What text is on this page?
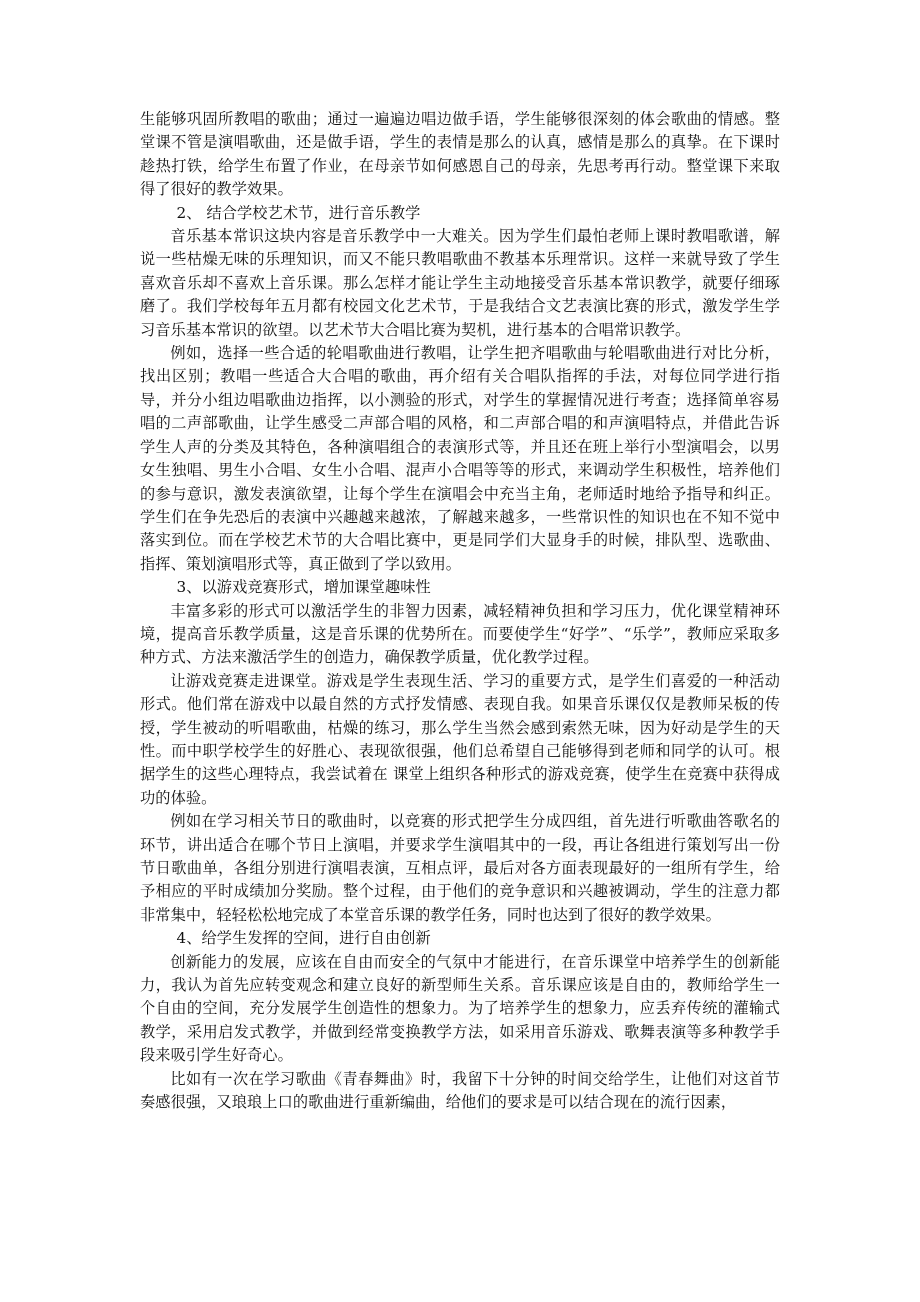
生能够巩固所教唱的歌曲；通过一遍遍边唱边做手语，学生能够很深刻的体会歌曲的情感。整堂课不管是演唱歌曲，还是做手语，学生的表情是那么的认真，感情是那么的真挚。在下课时趁热打铁，给学生布置了作业，在母亲节如何感恩自己的母亲，先思考再行动。整堂课下来取得了很好的教学效果。

2、 结合学校艺术节，进行音乐教学

音乐基本常识这块内容是音乐教学中一大难关。因为学生们最怕老师上课时教唱歌谱，解说一些枯燥无味的乐理知识，而又不能只教唱歌曲不教基本乐理常识。这样一来就导致了学生喜欢音乐却不喜欢上音乐课。那么怎样才能让学生主动地接受音乐基本常识教学，就要仔细琢磨了。我们学校每年五月都有校园文化艺术节，于是我结合文艺表演比赛的形式，激发学生学习音乐基本常识的欲望。以艺术节大合唱比赛为契机，进行基本的合唱常识教学。

例如，选择一些合适的轮唱歌曲进行教唱，让学生把齐唱歌曲与轮唱歌曲进行对比分析，找出区别；教唱一些适合大合唱的歌曲，再介绍有关合唱队指挥的手法，对每位同学进行指导，并分小组边唱歌曲边指挥，以小测验的形式，对学生的掌握情况进行考查；选择简单容易唱的二声部歌曲，让学生感受二声部合唱的风格，和二声部合唱的和声演唱特点，并借此告诉学生人声的分类及其特色，各种演唱组合的表演形式等，并且还在班上举行小型演唱会，以男女生独唱、男生小合唱、女生小合唱、混声小合唱等等的形式，来调动学生积极性，培养他们的参与意识，激发表演欲望，让每个学生在演唱会中充当主角，老师适时地给予指导和纠正。学生们在争先恐后的表演中兴趣越来越浓，了解越来越多，一些常识性的知识也在不知不觉中落实到位。而在学校艺术节的大合唱比赛中，更是同学们大显身手的时候，排队型、选歌曲、指挥、策划演唱形式等，真正做到了学以致用。

3、以游戏竞赛形式，增加课堂趣味性

丰富多彩的形式可以激活学生的非智力因素，减轻精神负担和学习压力，优化课堂精神环境，提高音乐教学质量，这是音乐课的优势所在。而要使学生“好学”、“乐学”，教师应采取多种方式、方法来激活学生的创造力，确保教学质量，优化教学过程。

让游戏竞赛走进课堂。游戏是学生表现生活、学习的重要方式，是学生们喜爱的一种活动形式。他们常在游戏中以最自然的方式抒发情感、表现自我。如果音乐课仅仅是教师呆板的传授，学生被动的听唱歌曲，枯燥的练习，那么学生当然会感到索然无味，因为好动是学生的天性。而中职学校学生的好胜心、表现欲很强，他们总希望自己能够得到老师和同学的认可。根据学生的这些心理特点，我尝试着在 课堂上组织各种形式的游戏竞赛，使学生在竞赛中获得成功的体验。

例如在学习相关节日的歌曲时，以竞赛的形式把学生分成四组，首先进行听歌曲答歌名的环节，讲出适合在哪个节日上演唱，并要求学生演唱其中的一段，再让各组进行策划写出一份节日歌曲单，各组分别进行演唱表演，互相点评，最后对各方面表现最好的一组所有学生，给予相应的平时成绩加分奖励。整个过程，由于他们的竞争意识和兴趣被调动，学生的注意力都非常集中，轻轻松松地完成了本堂音乐课的教学任务，同时也达到了很好的教学效果。

4、给学生发挥的空间，进行自由创新

创新能力的发展，应该在自由而安全的气氛中才能进行，在音乐课堂中培养学生的创新能力，我认为首先应转变观念和建立良好的新型师生关系。音乐课应该是自由的，教师给学生一个自由的空间，充分发展学生创造性的想象力。为了培养学生的想象力，应丢弃传统的灌输式教学，采用启发式教学，并做到经常变换教学方法，如采用音乐游戏、歌舞表演等多种教学手段来吸引学生好奇心。

比如有一次在学习歌曲《青春舞曲》时，我留下十分钟的时间交给学生，让他们对这首节奏感很强，又琅琅上口的歌曲进行重新编曲，给他们的要求是可以结合现在的流行因素，
